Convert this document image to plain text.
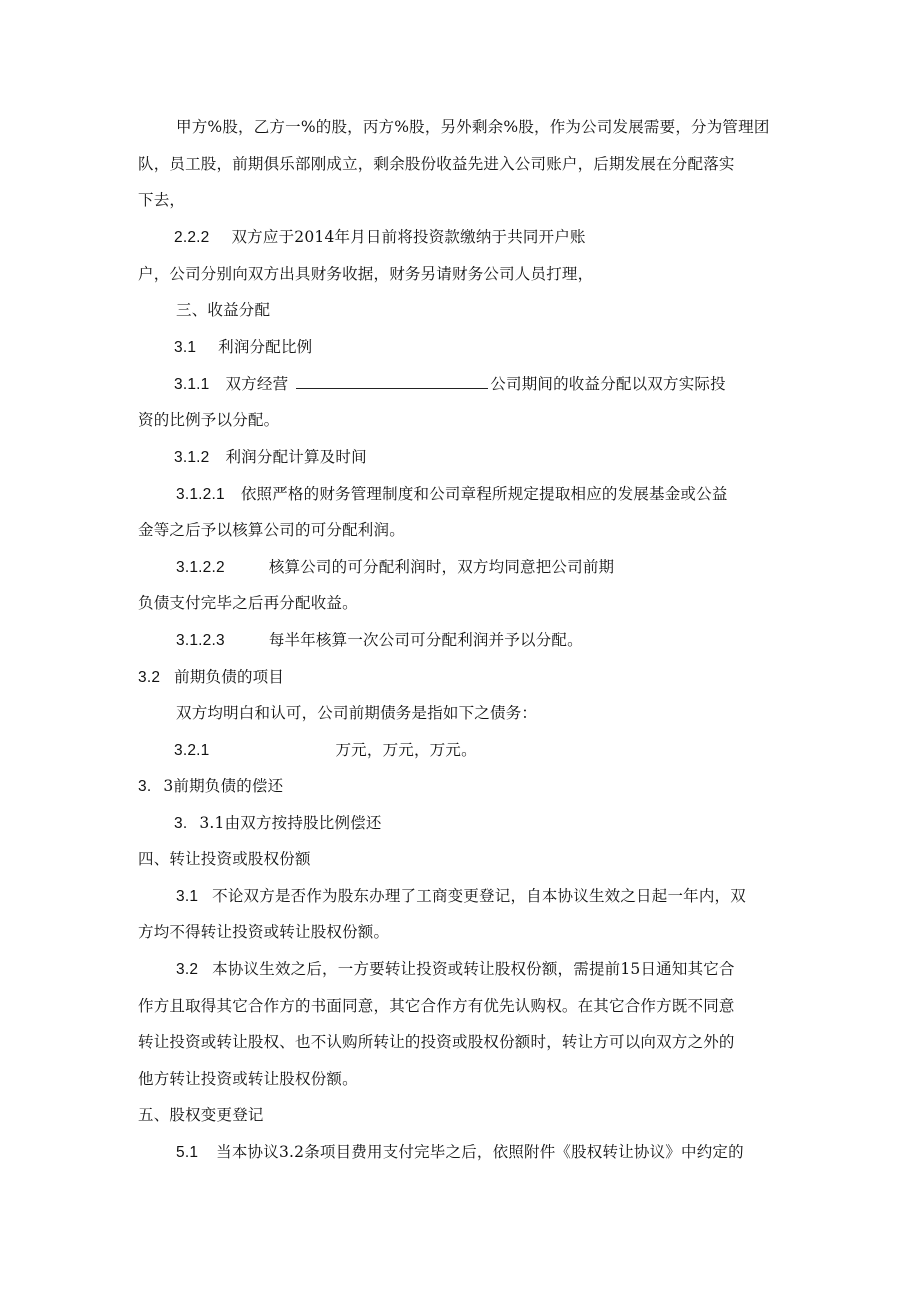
甲方%股，乙方一%的股，丙方%股，另外剩余%股，作为公司发展需要，分为管理团
队，员工股，前期俱乐部刚成立，剩余股份收益先进入公司账户，后期发展在分配落实
下去，
2.2.2 双方应于2014年月日前将投资款缴纳于共同开户账
户，公司分别向双方出具财务收据，财务另请财务公司人员打理，
三、收益分配
3.1 利润分配比例
3.1.1 双方经营	公司期间的收益分配以双方实际投
资的比例予以分配。
3.1.2 利润分配计算及时间
3.1.2.1 依照严格的财务管理制度和公司章程所规定提取相应的发展基金或公益
金等之后予以核算公司的可分配利润。
3.1.2.2	核算公司的可分配利润时，双方均同意把公司前期
负债支付完毕之后再分配收益。
3.1.2.3	每半年核算一次公司可分配利润并予以分配。
3.2 前期负债的项目
双方均明白和认可，公司前期债务是指如下之债务：
3.2.1	万元，万元，万元。
3. 3前期负债的偿还
3. 3.1由双方按持股比例偿还
四、转让投资或股权份额
3.1 不论双方是否作为股东办理了工商变更登记，自本协议生效之日起一年内，双
方均不得转让投资或转让股权份额。
3.2 本协议生效之后，一方要转让投资或转让股权份额，需提前15日通知其它合
作方且取得其它合作方的书面同意，其它合作方有优先认购权。在其它合作方既不同意
转让投资或转让股权、也不认购所转让的投资或股权份额时，转让方可以向双方之外的
他方转让投资或转让股权份额。
五、股权变更登记
5.1 当本协议3.2条项目费用支付完毕之后，依照附件《股权转让协议》中约定的
